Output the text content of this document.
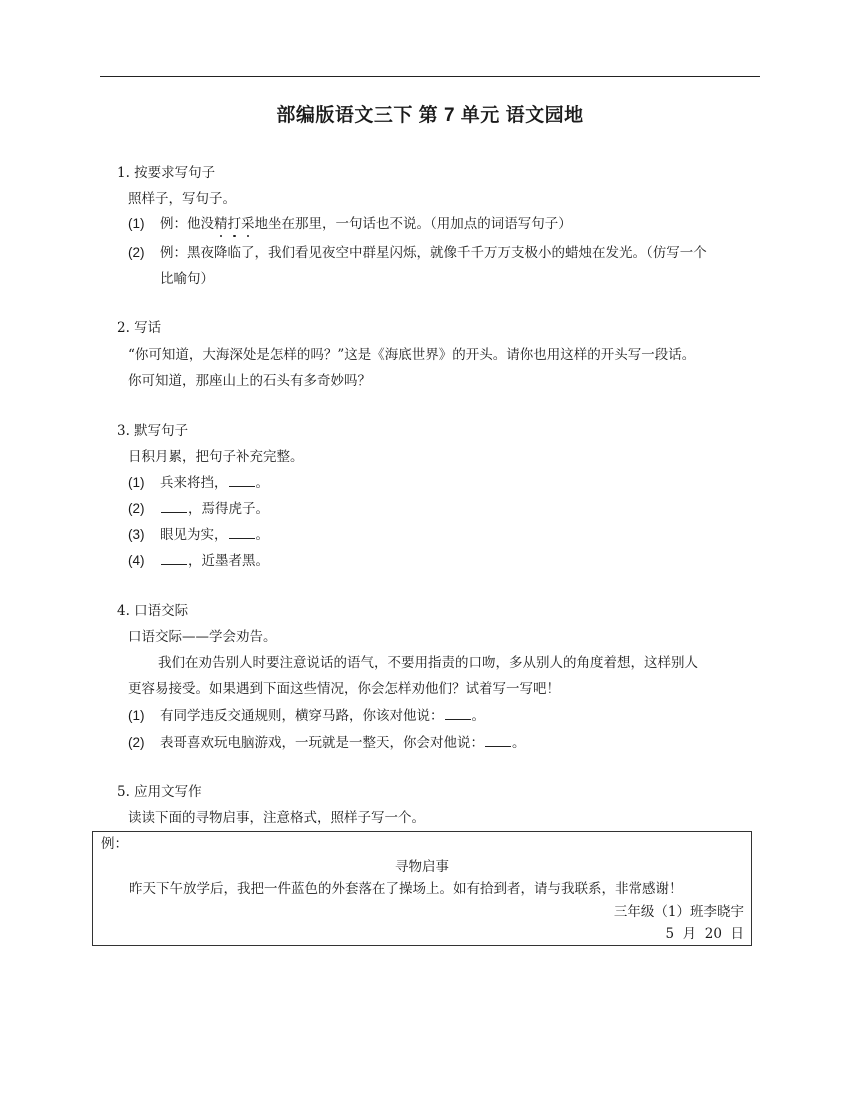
部编版语文三下 第 7 单元 语文园地
1. 按要求写句子
照样子，写句子。
(1) 例：他没精打采地坐在那里，一句话也不说。（用加点的词语写句子）
(2) 例：黑夜降临了，我们看见夜空中群星闪烁，就像千千万万支极小的蜡烛在发光。（仿写一个
比喻句）
2. 写话
“你可知道，大海深处是怎样的吗？”这是《海底世界》的开头。请你也用这样的开头写一段话。
你可知道，那座山上的石头有多奇妙吗？
3. 默写句子
日积月累，把句子补充完整。
(1) 兵来将挡， 。
(2)	，焉得虎子。
(3) 眼见为实， 。
(4)	，近墨者黑。
4. 口语交际
口语交际——学会劝告。
我们在劝告别人时要注意说话的语气，不要用指责的口吻，多从别人的角度着想，这样别人
更容易接受。如果遇到下面这些情况，你会怎样劝他们？试着写一写吧！
(1) 有同学违反交通规则，横穿马路，你该对他说： 。
(2) 表哥喜欢玩电脑游戏，一玩就是一整天，你会对他说： 。
5. 应用文写作
读读下面的寻物启事，注意格式，照样子写一个。
例：
寻物启事
昨天下午放学后，我把一件蓝色的外套落在了操场上。如有拾到者，请与我联系，非常感谢！
三年级（1）班李晓宇
5  月  20  日
